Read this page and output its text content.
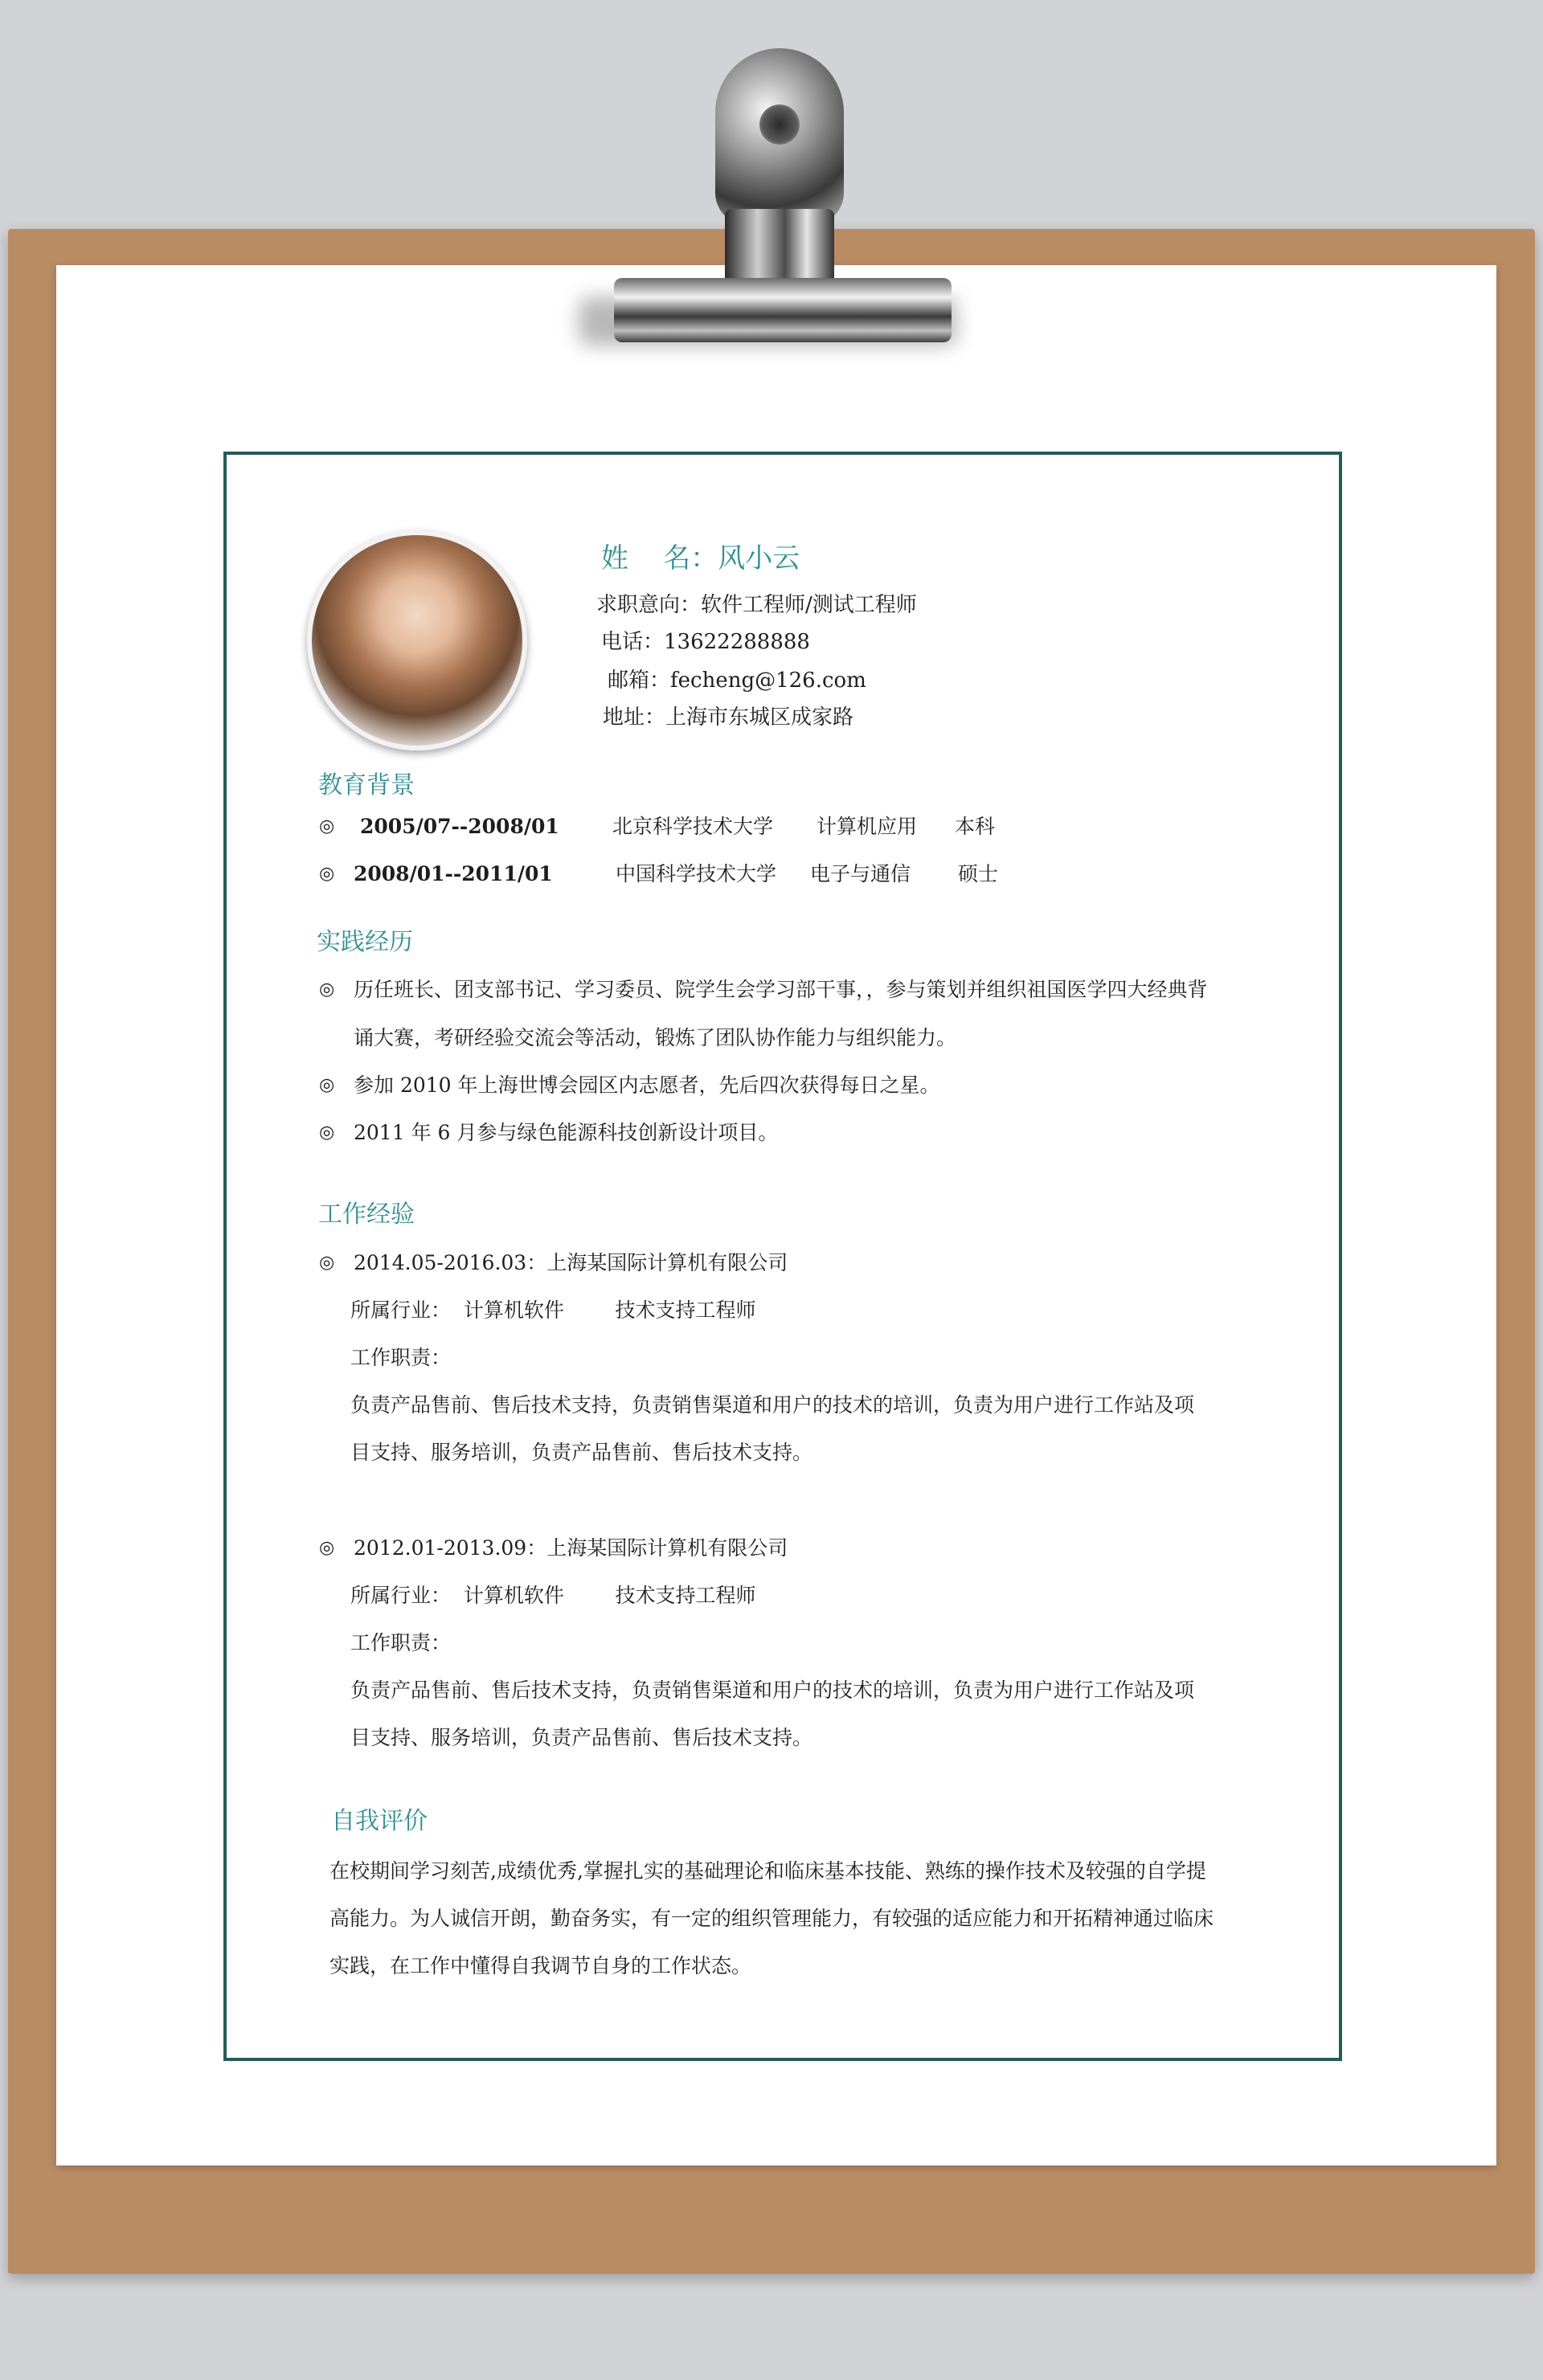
姓    名：风小云
求职意向：软件工程师/测试工程师
电话：13622288888
邮箱：fecheng@126.com
地址：上海市东城区成家路
教育背景
◎ 2005/07--2008/01	北京科学技术大学 计算机应用 本科
◎ 2008/01--2011/01	中国科学技术大学 电子与通信 硕士
实践经历
◎ 历任班长、团支部书记、学习委员、院学生会学习部干事，，参与策划并组织祖国医学四大经典背
诵大赛，考研经验交流会等活动，锻炼了团队协作能力与组织能力。
◎ 参加 2010 年上海世博会园区内志愿者，先后四次获得每日之星。
◎ 2011 年 6 月参与绿色能源科技创新设计项目。
工作经验
◎ 2014.05-2016.03：上海某国际计算机有限公司
所属行业：  计算机软件        技术支持工程师
工作职责：
负责产品售前、售后技术支持，负责销售渠道和用户的技术的培训，负责为用户进行工作站及项
目支持、服务培训，负责产品售前、售后技术支持。
◎ 2012.01-2013.09：上海某国际计算机有限公司
所属行业：  计算机软件        技术支持工程师
工作职责：
负责产品售前、售后技术支持，负责销售渠道和用户的技术的培训，负责为用户进行工作站及项
目支持、服务培训，负责产品售前、售后技术支持。
自我评价
在校期间学习刻苦,成绩优秀,掌握扎实的基础理论和临床基本技能、熟练的操作技术及较强的自学提
高能力。为人诚信开朗，勤奋务实，有一定的组织管理能力，有较强的适应能力和开拓精神通过临床
实践，在工作中懂得自我调节自身的工作状态。
